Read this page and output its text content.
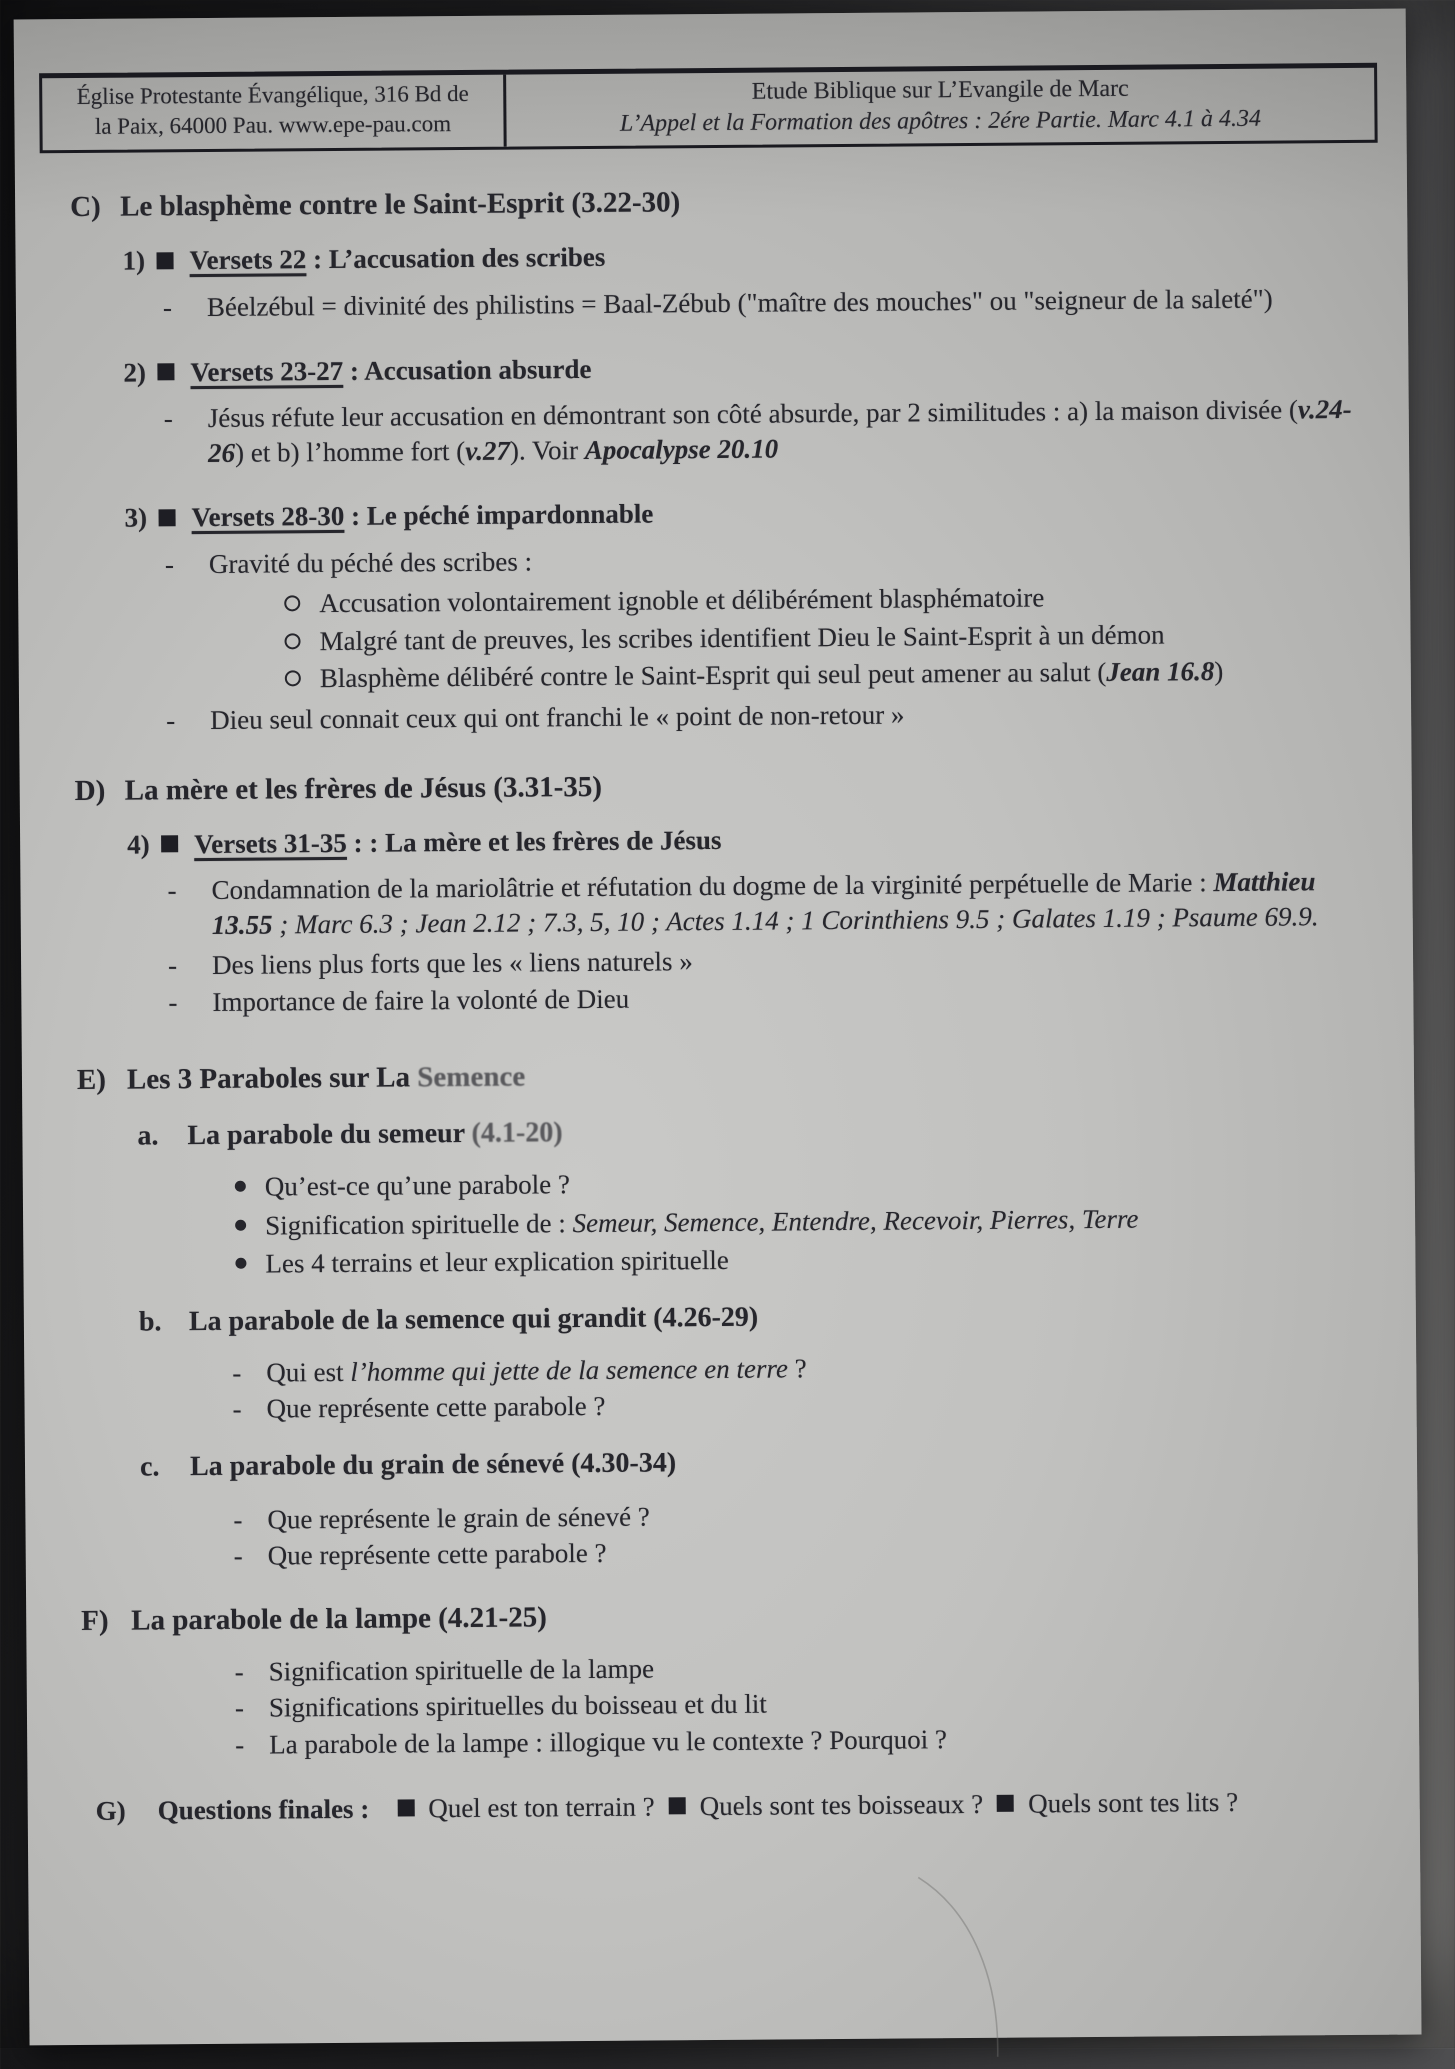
Église Protestante Évangélique, 316 Bd de
la Paix, 64000 Pau. www.epe-pau.com
Etude Biblique sur L’Evangile de Marc
L’Appel et la Formation des apôtres : 2ére Partie. Marc 4.1 à 4.34
C) Le blasphème contre le Saint-Esprit (3.22-30)
1)	Versets 22 : L’accusation des scribes
-	Béelzébul = divinité des philistins = Baal-Zébub ("maître des mouches" ou "seigneur de la saleté")
2)	Versets 23-27 : Accusation absurde
-	Jésus réfute leur accusation en démontrant son côté absurde, par 2 similitudes : a) la maison divisée (v.24-26) et b) l’homme fort (v.27). Voir Apocalypse 20.10
3)	Versets 28-30 : Le péché impardonnable
-	Gravité du péché des scribes :
Accusation volontairement ignoble et délibérément blasphématoire
Malgré tant de preuves, les scribes identifient Dieu le Saint-Esprit à un démon
Blasphème délibéré contre le Saint-Esprit qui seul peut amener au salut (Jean 16.8)
-	Dieu seul connait ceux qui ont franchi le « point de non-retour »
D) La mère et les frères de Jésus (3.31-35)
4)	Versets 31-35 : : La mère et les frères de Jésus
-	Condamnation de la mariolâtrie et réfutation du dogme de la virginité perpétuelle de Marie : Matthieu 13.55 ; Marc 6.3 ; Jean 2.12 ; 7.3, 5, 10 ; Actes 1.14 ; 1 Corinthiens 9.5 ; Galates 1.19 ; Psaume 69.9.
-	Des liens plus forts que les « liens naturels »
-	Importance de faire la volonté de Dieu
E) Les 3 Paraboles sur La Semence
a.	La parabole du semeur (4.1-20)
Qu’est-ce qu’une parabole ?
Signification spirituelle de : Semeur, Semence, Entendre, Recevoir, Pierres, Terre
Les 4 terrains et leur explication spirituelle
b. La parabole de la semence qui grandit (4.26-29)
- Qui est l’homme qui jette de la semence en terre ?
- Que représente cette parabole ?
c.	La parabole du grain de sénevé (4.30-34)
- Que représente le grain de sénevé ?
- Que représente cette parabole ?
F) La parabole de la lampe (4.21-25)
- Signification spirituelle de la lampe
- Significations spirituelles du boisseau et du lit
- La parabole de la lampe : illogique vu le contexte ? Pourquoi ?
G)	Questions finales : Quel est ton terrain ? Quels sont tes boisseaux ? Quels sont tes lits ?
